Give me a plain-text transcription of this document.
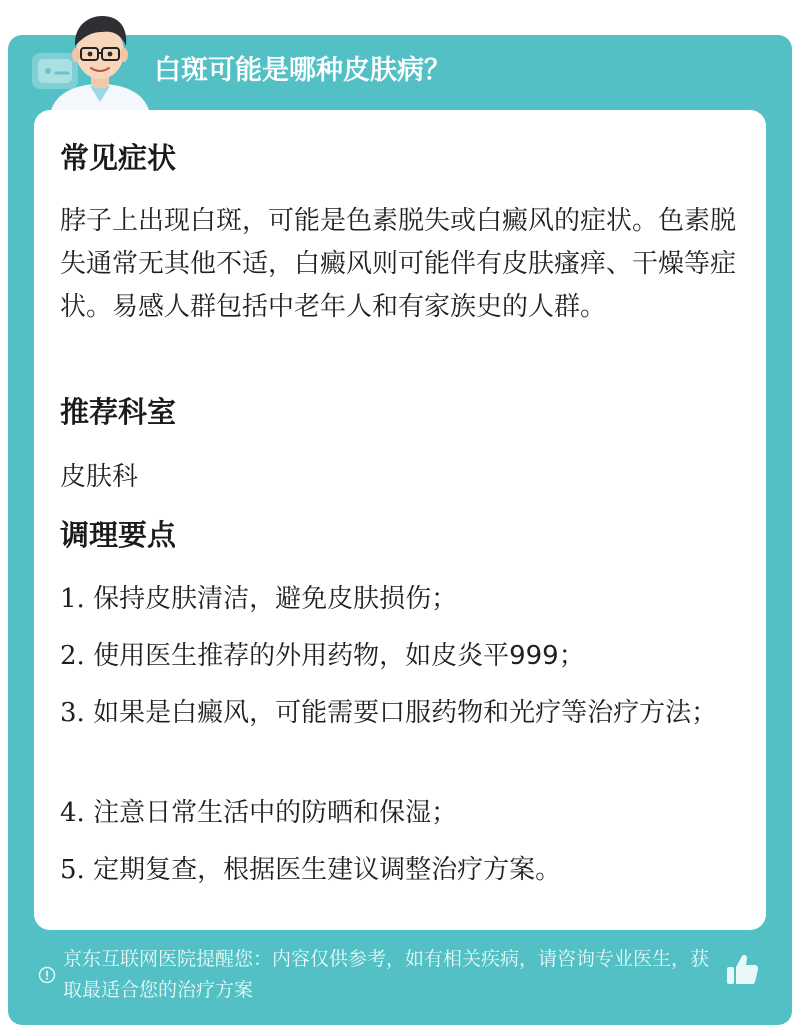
白斑可能是哪种皮肤病？
常见症状
脖子上出现白斑，可能是色素脱失或白癜风的症状。色素脱失通常无其他不适，白癜风则可能伴有皮肤瘙痒、干燥等症状。易感人群包括中老年人和有家族史的人群。
推荐科室
皮肤科
调理要点
1. 保持皮肤清洁，避免皮肤损伤；
2. 使用医生推荐的外用药物，如皮炎平999；
3. 如果是白癜风，可能需要口服药物和光疗等治疗方法；
4. 注意日常生活中的防晒和保湿；
5. 定期复查，根据医生建议调整治疗方案。
京东互联网医院提醒您：内容仅供参考，如有相关疾病，请咨询专业医生，获取最适合您的治疗方案
